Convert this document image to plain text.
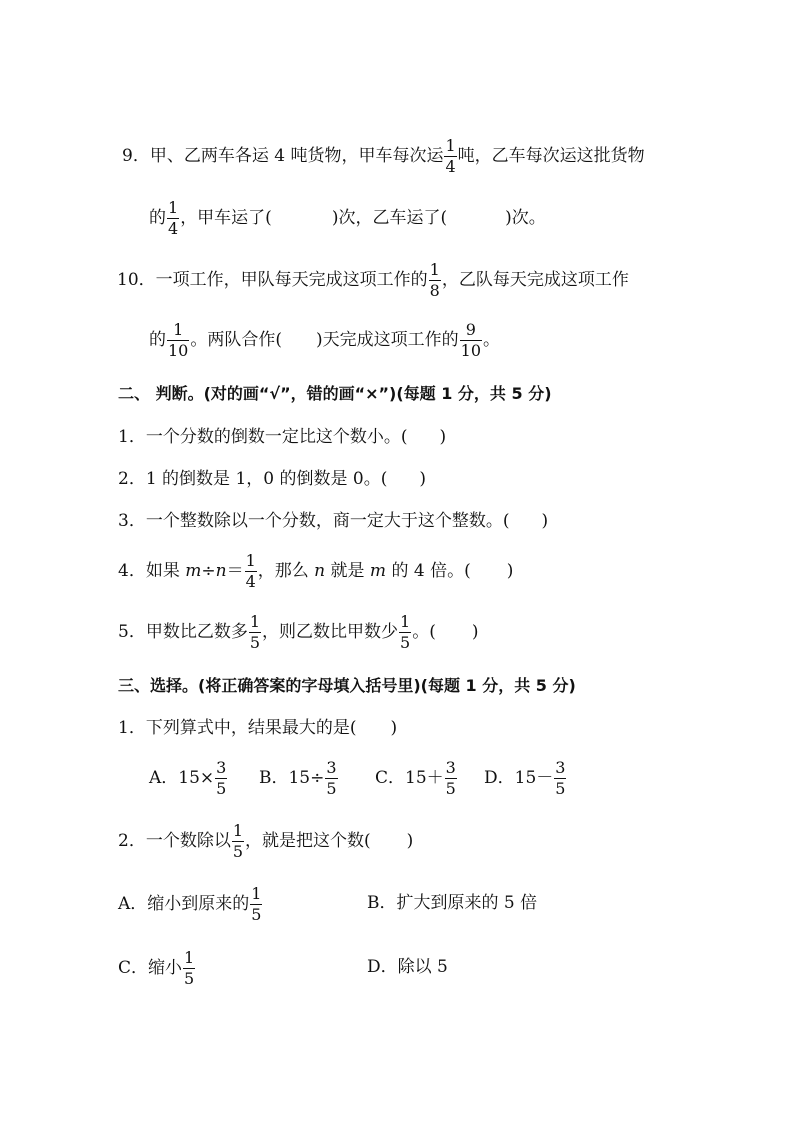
9．甲、乙两车各运 4 吨货物，甲车每次运 $\frac{1}{4}$ 吨，乙车每次运这批货物
的 $\frac{1}{4}$ ，甲车运了(	)次，乙车运了(	)次。
10．一项工作，甲队每天完成这项工作的 $\frac{1}{8}$ ，乙队每天完成这项工作
的 $\frac{1}{10}$ 。两队合作( )天完成这项工作的 $\frac{9}{10}$ 。
二、 判断。(对的画“√”，错的画“×”)(每题 1 分，共 5 分)
1．一个分数的倒数一定比这个数小。( )
2．1 的倒数是 1，0 的倒数是 0。( )
3．一个整数除以一个分数，商一定大于这个整数。( )
4．如果 $m\div n= \frac{1}{4}$ ，那么 n 就是 m 的 4 倍。( )
5．甲数比乙数多 $\frac{1}{5}$ ，则乙数比甲数少 $\frac{1}{5}$ 。( )
三、选择。(将正确答案的字母填入括号里)(每题 1 分，共 5 分)
1．下列算式中，结果最大的是( )
A．$15\times \frac{3}{5}$ B．$15\div \frac{3}{5}$ C．$15+ \frac{3}{5}$ D．$15- \frac{3}{5}$
2．一个数除以 $\frac{1}{5}$ ，就是把这个数( )
A．缩小到原来的 $\frac{1}{5}$	B．扩大到原来的 5 倍
C．缩小 $\frac{1}{5}$	D．除以 5
